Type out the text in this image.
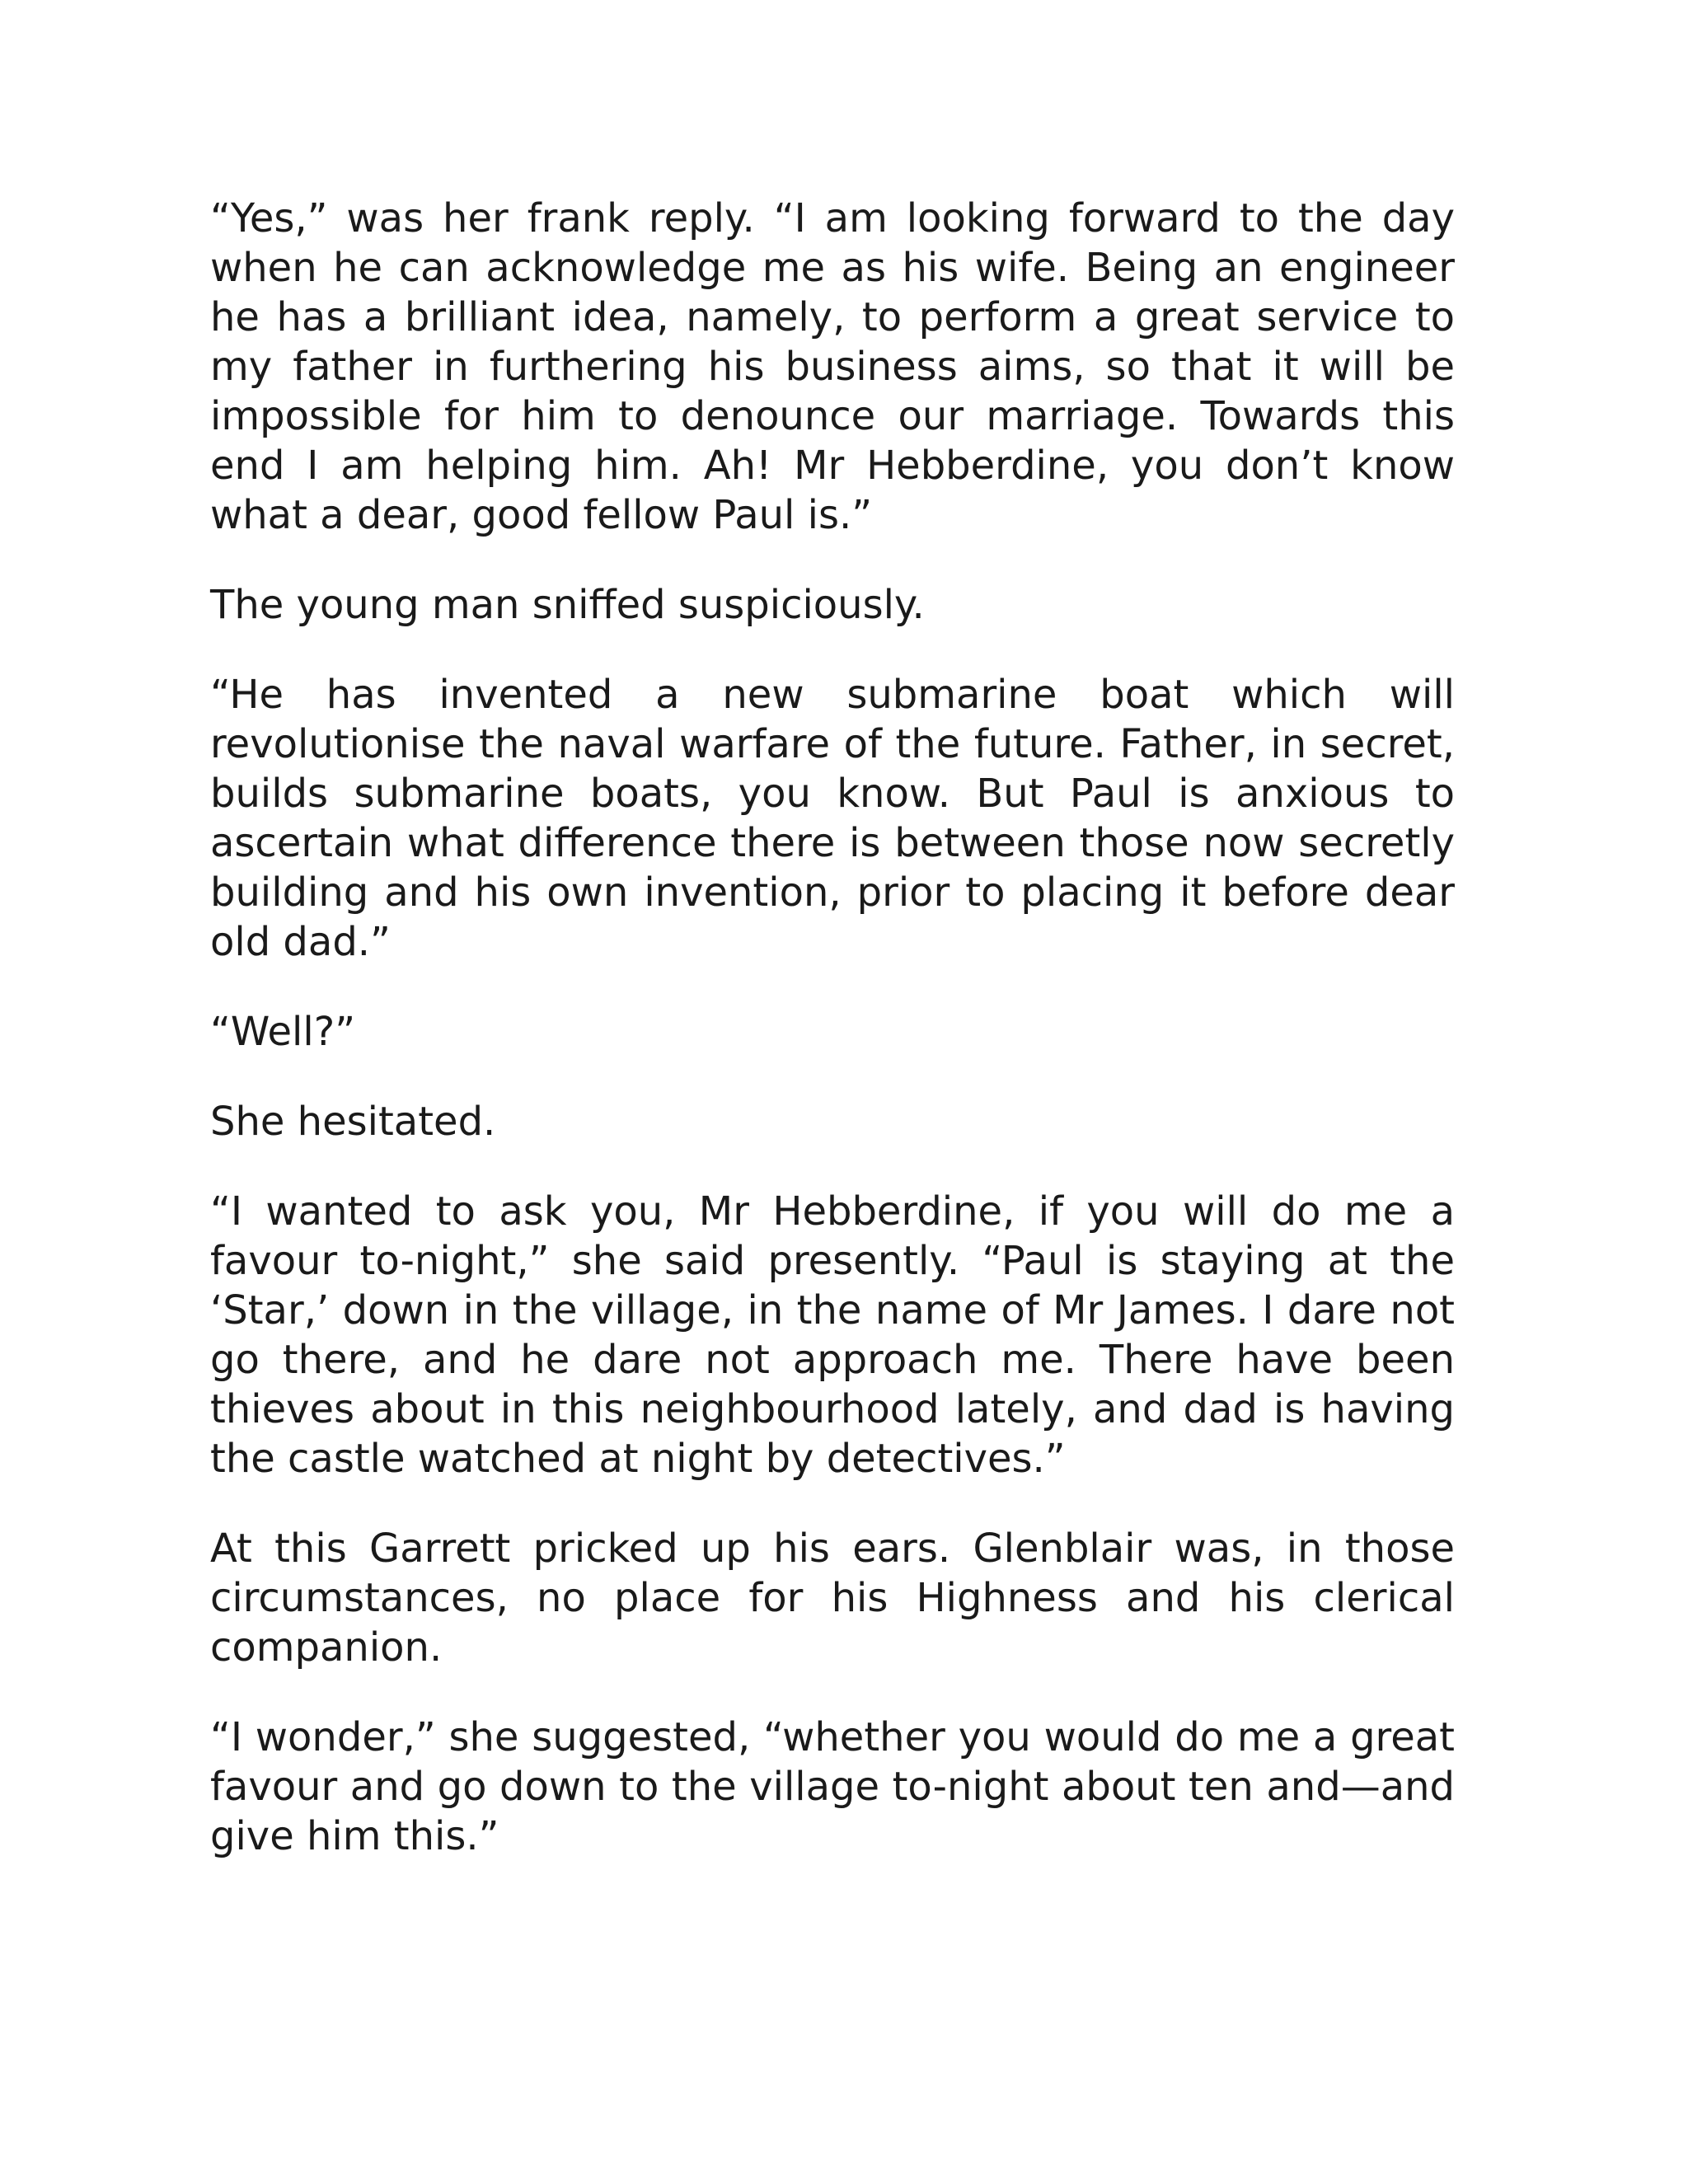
“Yes,” was her frank reply. “I am looking forward to the day when he can acknowledge me as his wife. Being an engineer he has a brilliant idea, namely, to perform a great service to my father in furthering his business aims, so that it will be impossible for him to denounce our marriage. Towards this end I am helping him. Ah! Mr Hebberdine, you don’t know what a dear, good fellow Paul is.”

The young man sniffed suspiciously.

“He has invented a new submarine boat which will revolutionise the naval warfare of the future. Father, in secret, builds submarine boats, you know. But Paul is anxious to ascertain what difference there is between those now secretly building and his own invention, prior to placing it before dear old dad.”

“Well?”

She hesitated.

“I wanted to ask you, Mr Hebberdine, if you will do me a favour to-night,” she said presently. “Paul is staying at the ‘Star,’ down in the village, in the name of Mr James. I dare not go there, and he dare not approach me. There have been thieves about in this neighbourhood lately, and dad is having the castle watched at night by detectives.”

At this Garrett pricked up his ears. Glenblair was, in those circumstances, no place for his Highness and his clerical companion.

“I wonder,” she suggested, “whether you would do me a great favour and go down to the village to-night about ten and—and give him this.”
